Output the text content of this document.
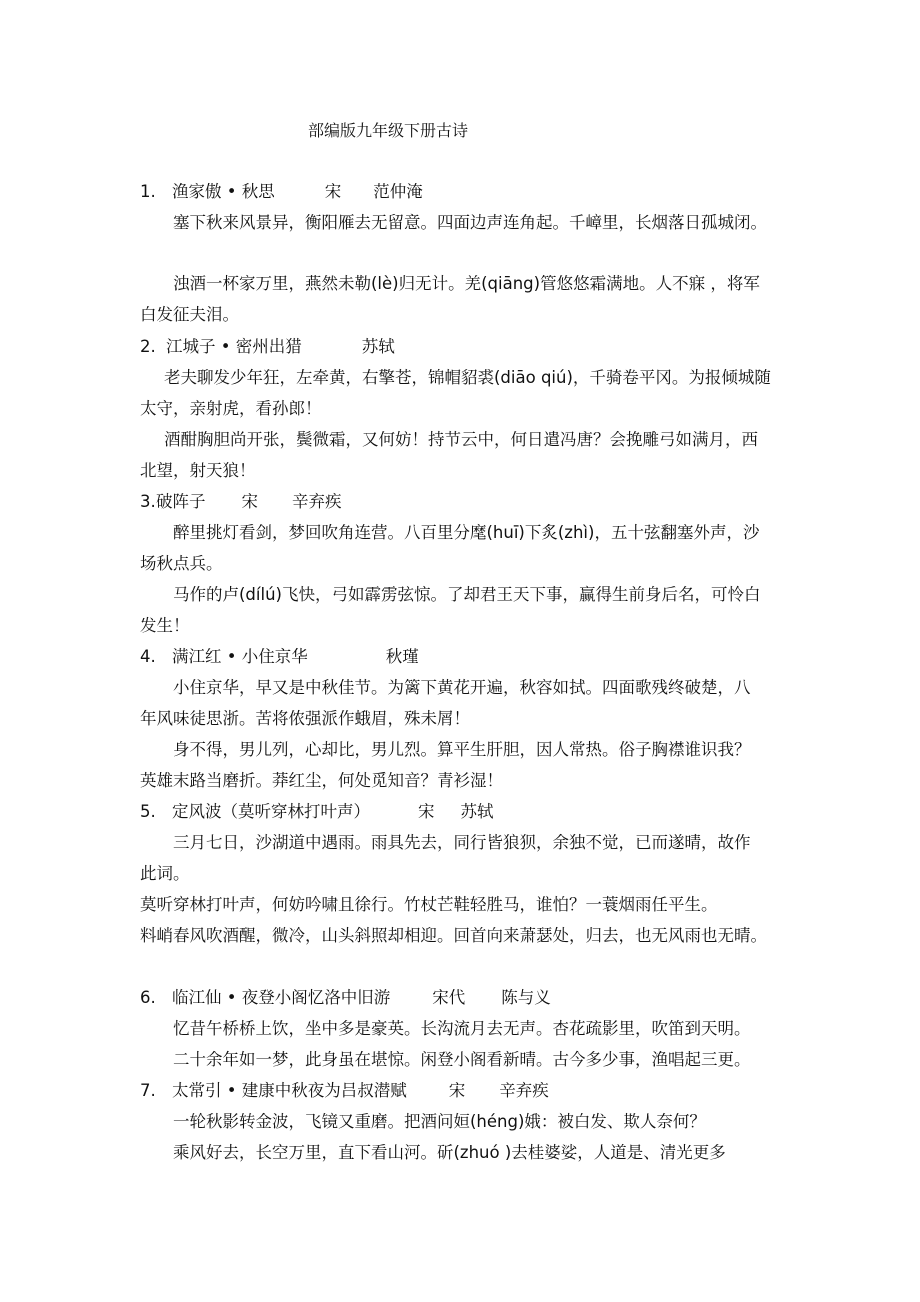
部编版九年级下册古诗
1. 渔家傲 • 秋思	宋 范仲淹

塞下秋来风景异，衡阳雁去无留意。四面边声连角起。千嶂里，长烟落日孤城闭。

浊酒一杯家万里，燕然未勒(lè)归无计。羌(qiāng)管悠悠霜满地。人不寐 ，将军

白发征夫泪。

2. 江城子 • 密州出猎	苏轼

老夫聊发少年狂，左牵黄，右擎苍，锦帽貂裘(diāo qiú)，千骑卷平冈。为报倾城随

太守，亲射虎，看孙郎！

酒酣胸胆尚开张，鬓微霜，又何妨！持节云中，何日遣冯唐？会挽雕弓如满月，西

北望，射天狼！

3.破阵子 宋 辛弃疾

醉里挑灯看剑，梦回吹角连营。八百里分麾(huī)下炙(zhì)，五十弦翻塞外声，沙

场秋点兵。

马作的卢(dílú)飞快，弓如霹雳弦惊。了却君王天下事，赢得生前身后名，可怜白

发生！

4. 满江红 • 小住京华	秋瑾

小住京华，早又是中秋佳节。为篱下黄花开遍，秋容如拭。四面歌残终破楚，八

年风味徒思浙。苦将侬强派作蛾眉，殊未屑！

身不得，男儿列，心却比，男儿烈。算平生肝胆，因人常热。俗子胸襟谁识我？

英雄末路当磨折。莽红尘，何处觅知音？青衫湿！

5. 定风波（莫听穿林打叶声）	宋 苏轼

三月七日，沙湖道中遇雨。雨具先去，同行皆狼狈，余独不觉，已而遂晴，故作

此词。

莫听穿林打叶声，何妨吟啸且徐行。竹杖芒鞋轻胜马，谁怕？一蓑烟雨任平生。

料峭春风吹酒醒，微冷，山头斜照却相迎。回首向来萧瑟处，归去，也无风雨也无晴。

6. 临江仙 • 夜登小阁忆洛中旧游	宋代 陈与义

忆昔午桥桥上饮，坐中多是豪英。长沟流月去无声。杏花疏影里，吹笛到天明。

二十余年如一梦，此身虽在堪惊。闲登小阁看新晴。古今多少事，渔唱起三更。

7. 太常引 • 建康中秋夜为吕叔潜赋	宋 辛弃疾

一轮秋影转金波，飞镜又重磨。把酒问姮(héng)娥：被白发、欺人奈何？

乘风好去，长空万里，直下看山河。斫(zhuó )去桂婆娑，人道是、清光更多
